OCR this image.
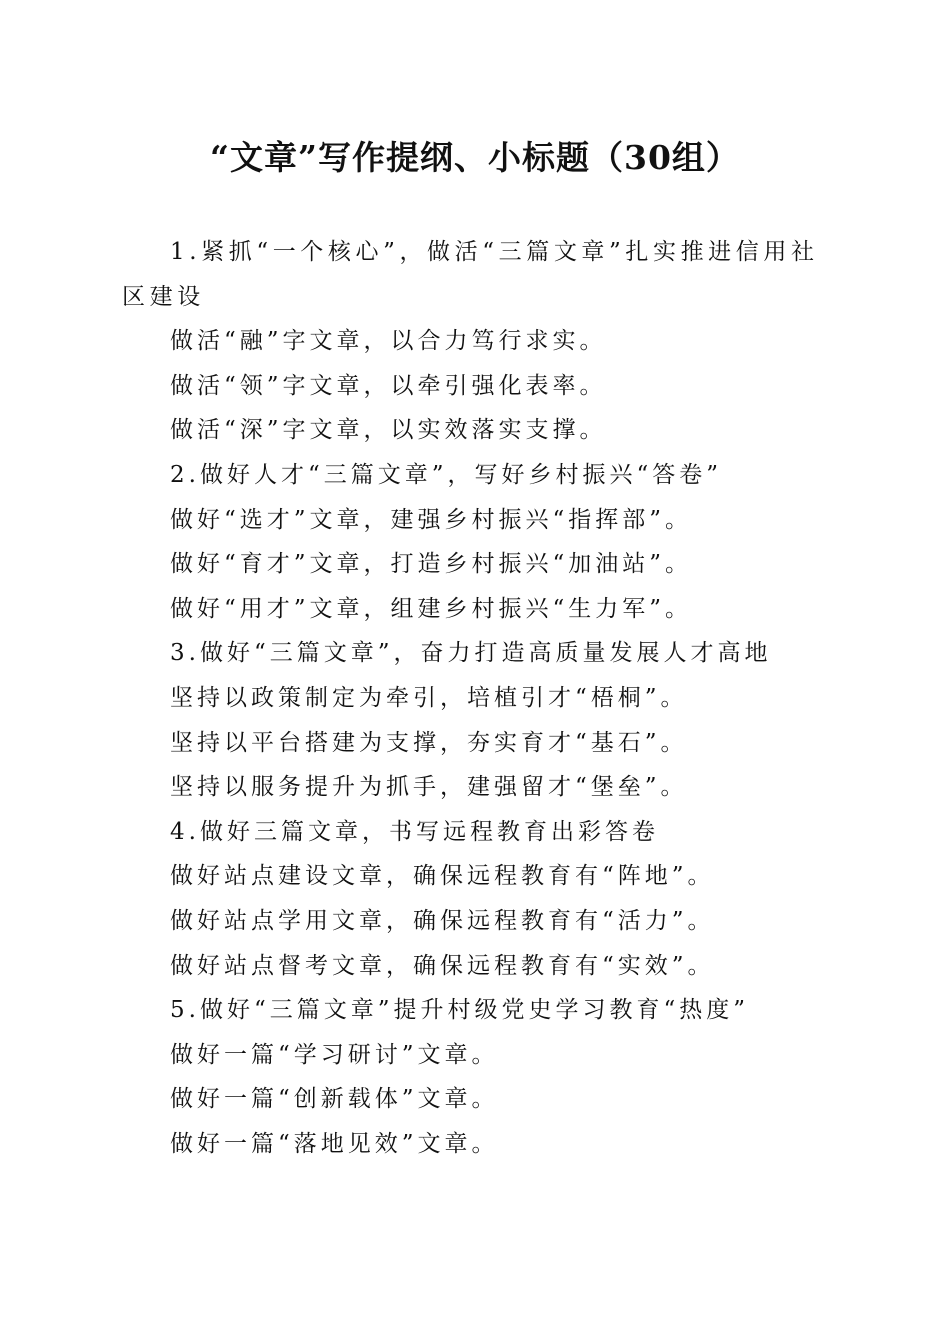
“文章”写作提纲、小标题（30组）

1.紧抓“一个核心”，做活“三篇文章”扎实推进信用社区建设

做活“融”字文章，以合力笃行求实。

做活“领”字文章，以牵引强化表率。

做活“深”字文章，以实效落实支撑。

2.做好人才“三篇文章”，写好乡村振兴“答卷”

做好“选才”文章，建强乡村振兴“指挥部”。

做好“育才”文章，打造乡村振兴“加油站”。

做好“用才”文章，组建乡村振兴“生力军”。

3.做好“三篇文章”，奋力打造高质量发展人才高地

坚持以政策制定为牵引，培植引才“梧桐”。

坚持以平台搭建为支撑，夯实育才“基石”。

坚持以服务提升为抓手，建强留才“堡垒”。

4.做好三篇文章，书写远程教育出彩答卷

做好站点建设文章，确保远程教育有“阵地”。

做好站点学用文章，确保远程教育有“活力”。

做好站点督考文章，确保远程教育有“实效”。

5.做好“三篇文章”提升村级党史学习教育“热度”

做好一篇“学习研讨”文章。

做好一篇“创新载体”文章。

做好一篇“落地见效”文章。
